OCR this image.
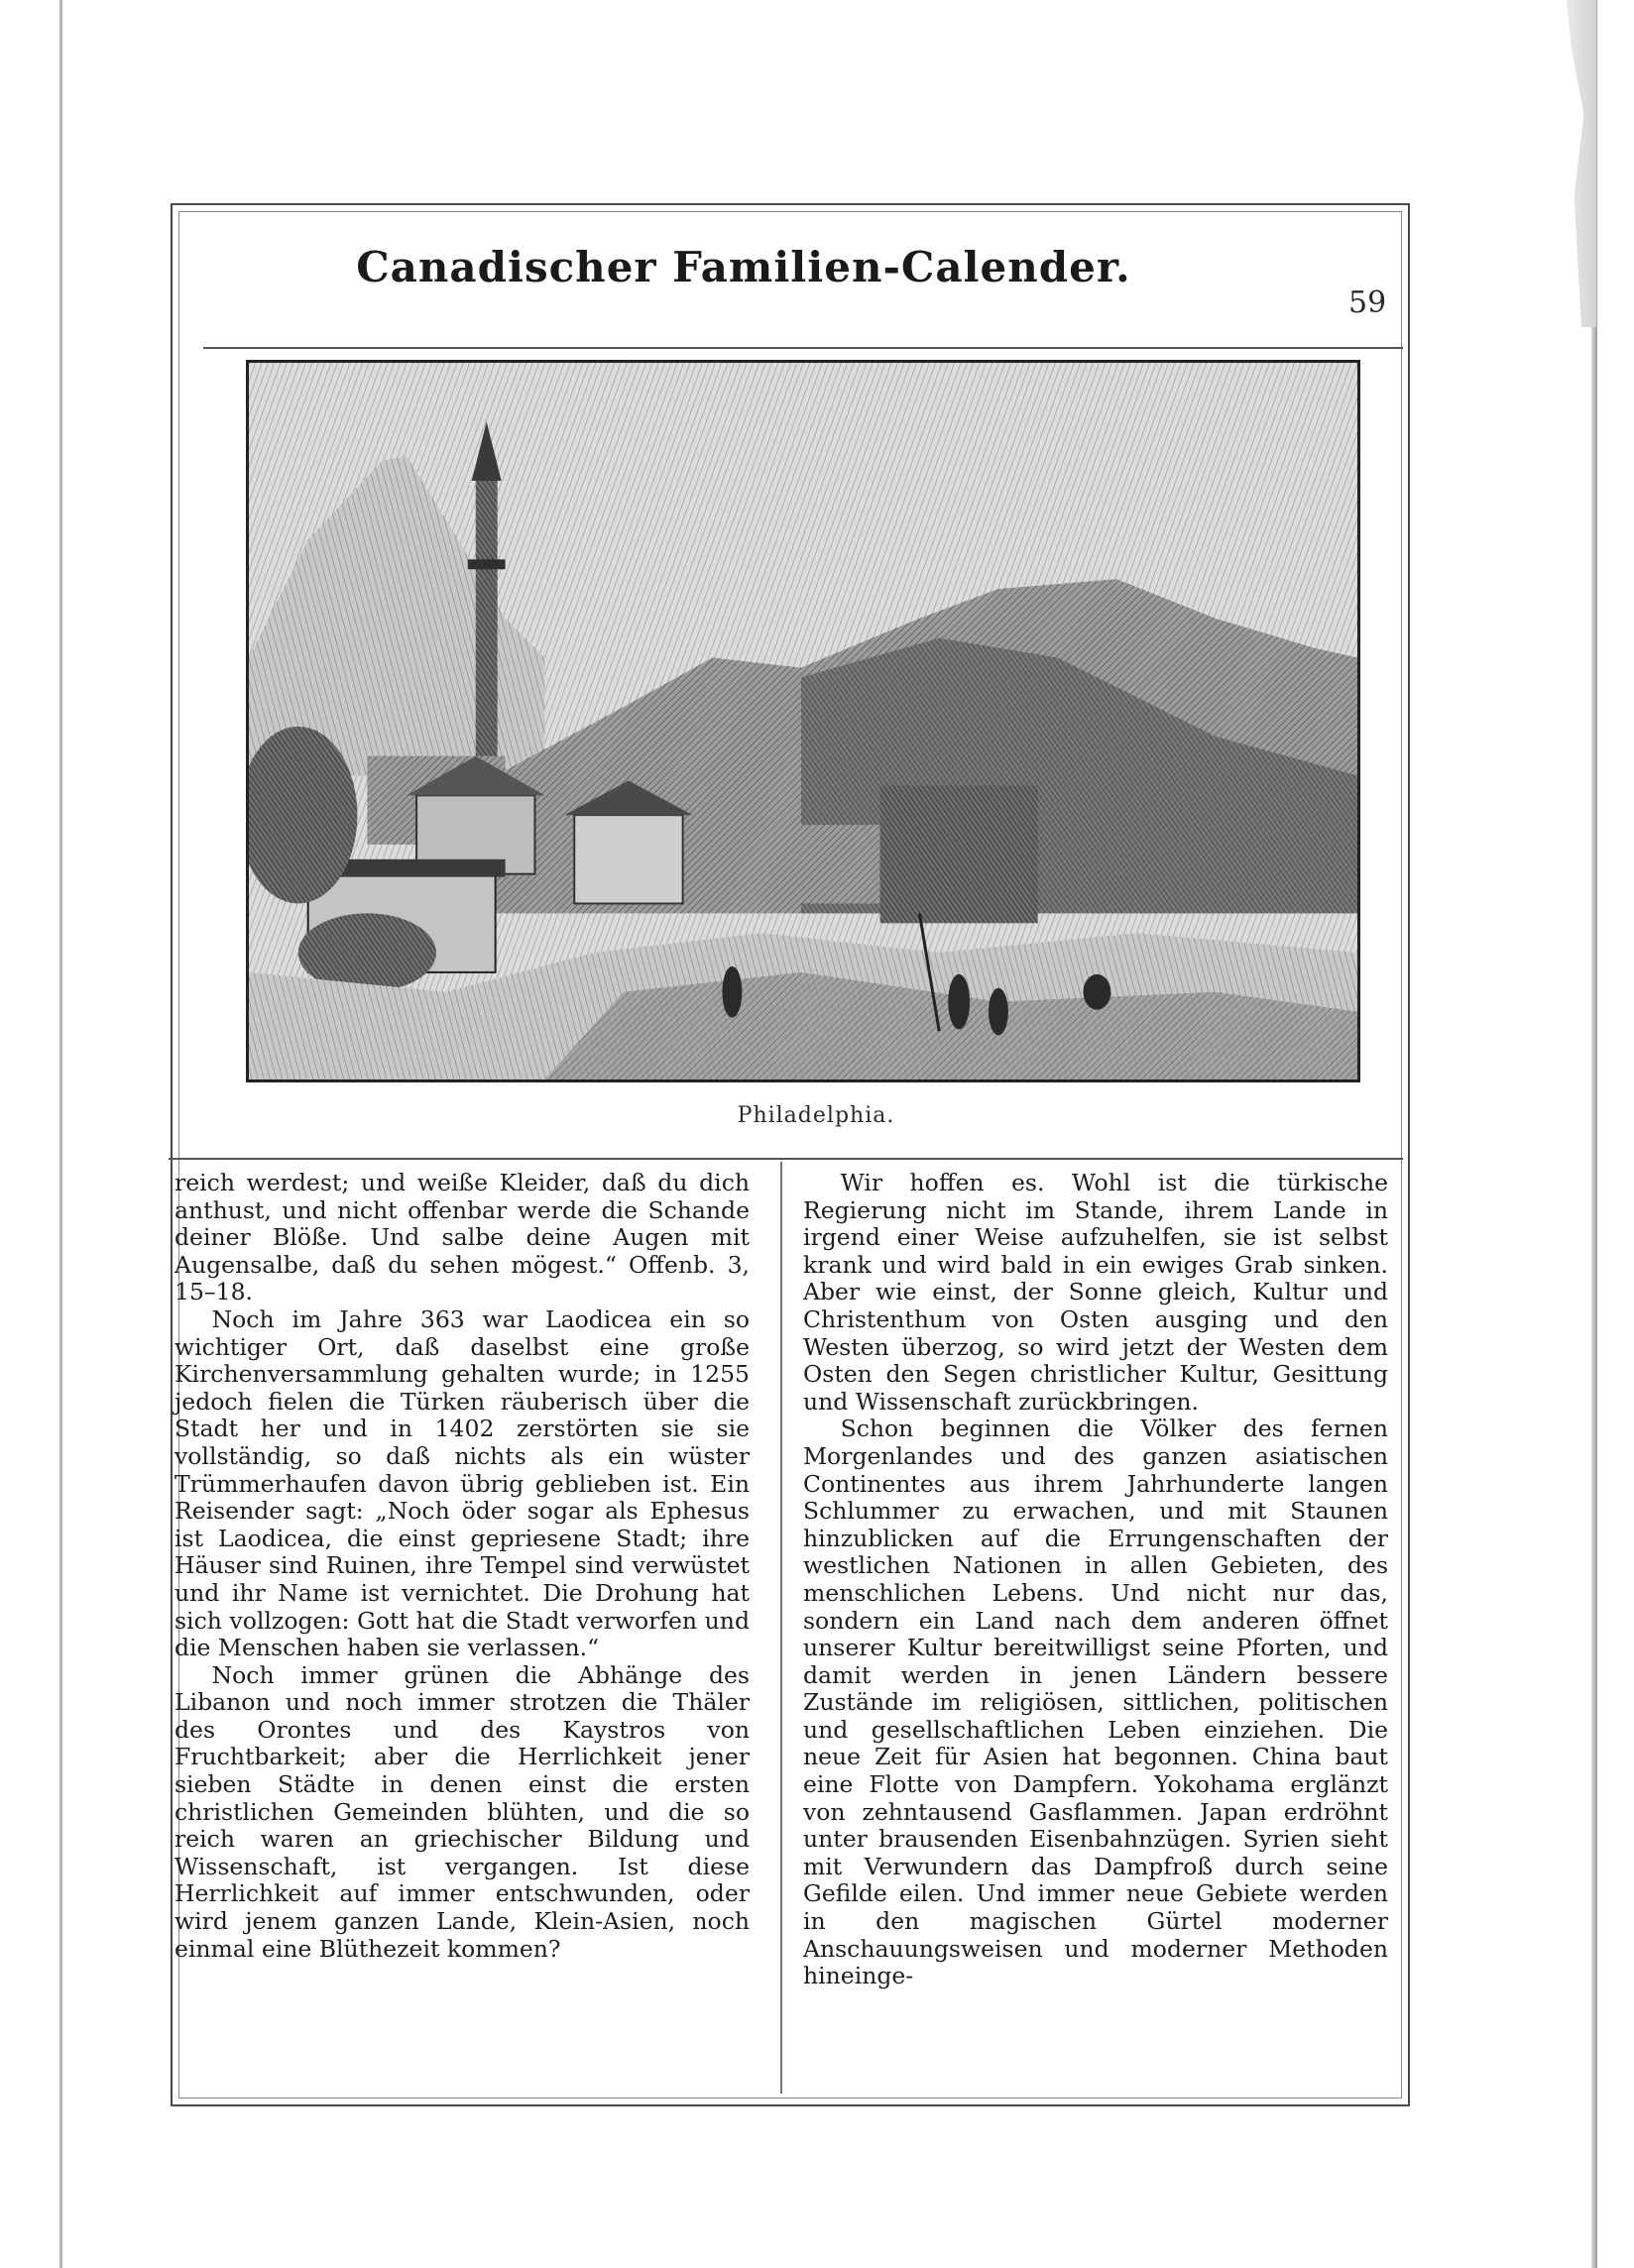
Canadischer Familien-Calender.
59
Philadelphia.

reich werdest; und weiße Kleider, daß du dich anthust, und nicht offenbar werde die Schande deiner Blöße. Und salbe deine Augen mit Augensalbe, daß du sehen mögest.“ Offenb. 3, 15–18.

Noch im Jahre 363 war Laodicea ein so wichtiger Ort, daß daselbst eine große Kirchenversammlung gehalten wurde; in 1255 jedoch fielen die Türken räuberisch über die Stadt her und in 1402 zerstörten sie sie vollständig, so daß nichts als ein wüster Trümmerhaufen davon übrig geblieben ist. Ein Reisender sagt: „Noch öder sogar als Ephesus ist Laodicea, die einst gepriesene Stadt; ihre Häuser sind Ruinen, ihre Tempel sind verwüstet und ihr Name ist vernichtet. Die Drohung hat sich vollzogen: Gott hat die Stadt verworfen und die Menschen haben sie verlassen.“

Noch immer grünen die Abhänge des Libanon und noch immer strotzen die Thäler des Orontes und des Kaystros von Fruchtbarkeit; aber die Herrlichkeit jener sieben Städte in denen einst die ersten christlichen Gemeinden blühten, und die so reich waren an griechischer Bildung und Wissenschaft, ist vergangen. Ist diese Herrlichkeit auf immer entschwunden, oder wird jenem ganzen Lande, Klein-Asien, noch einmal eine Blüthezeit kommen?

Wir hoffen es. Wohl ist die türkische Regierung nicht im Stande, ihrem Lande in irgend einer Weise aufzuhelfen, sie ist selbst krank und wird bald in ein ewiges Grab sinken. Aber wie einst, der Sonne gleich, Kultur und Christenthum von Osten ausging und den Westen überzog, so wird jetzt der Westen dem Osten den Segen christlicher Kultur, Gesittung und Wissenschaft zurückbringen.

Schon beginnen die Völker des fernen Morgenlandes und des ganzen asiatischen Continentes aus ihrem Jahrhunderte langen Schlummer zu erwachen, und mit Staunen hinzublicken auf die Errungenschaften der westlichen Nationen in allen Gebieten, des menschlichen Lebens. Und nicht nur das, sondern ein Land nach dem anderen öffnet unserer Kultur bereitwilligst seine Pforten, und damit werden in jenen Ländern bessere Zustände im religiösen, sittlichen, politischen und gesellschaftlichen Leben einziehen. Die neue Zeit für Asien hat begonnen. China baut eine Flotte von Dampfern. Yokohama erglänzt von zehntausend Gasflammen. Japan erdröhnt unter brausenden Eisenbahnzügen. Syrien sieht mit Verwundern das Dampfroß durch seine Gefilde eilen. Und immer neue Gebiete werden in den magischen Gürtel moderner Anschauungsweisen und moderner Methoden hineinge-
